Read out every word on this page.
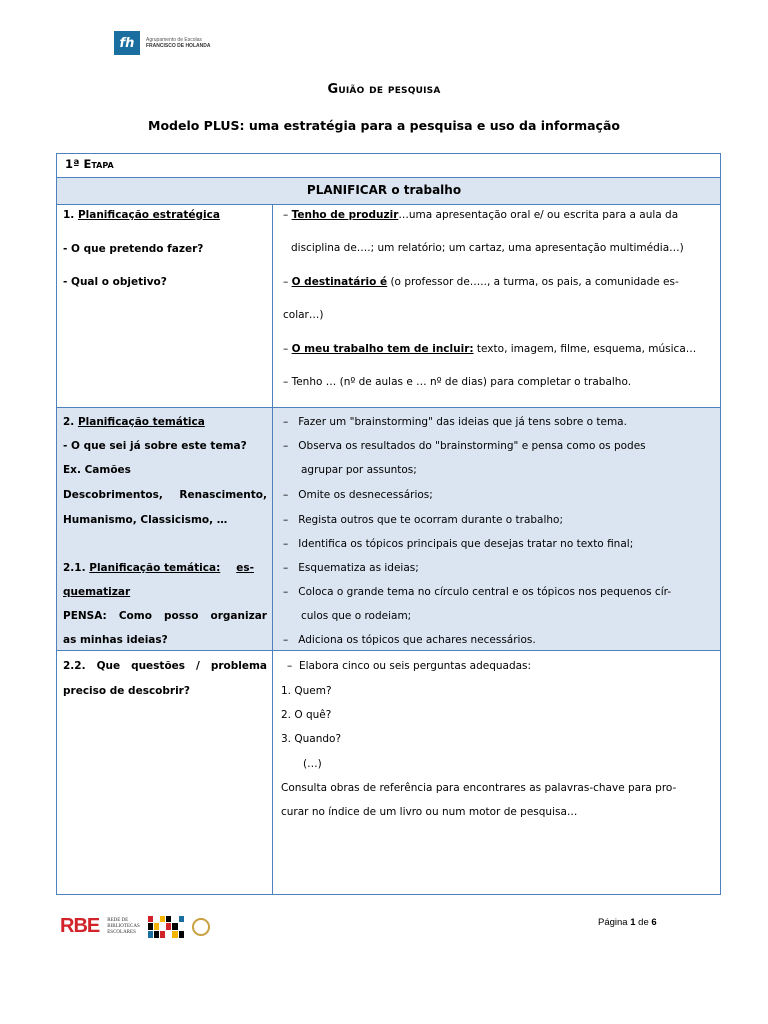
fh	Agrupamento de Escolas
FRANCISCO DE HOLANDA
Guião de pesquisa
Modelo PLUS: uma estratégia para a pesquisa e uso da informação
1ª Etapa
PLANIFICAR o trabalho
1. Planificação estratégica
- O que pretendo fazer?
- Qual o objetivo?
– Tenho de produzir…uma apresentação oral e/ ou escrita para a aula da
disciplina de….; um relatório; um cartaz, uma apresentação multimédia…)
– O destinatário é (o professor de….., a turma, os pais, a comunidade es-
colar…)
– O meu trabalho tem de incluir: texto, imagem, filme, esquema, música…
– Tenho … (nº de aulas e … nº de dias) para completar o trabalho.
2. Planificação temática
- O que sei já sobre este tema?
Ex. Camões
Descobrimentos, Renascimento,
Humanismo, Classicismo, …
2.1. Planificação temática: es-
quematizar
PENSA: Como posso organizar
as minhas ideias?
–   Fazer um "brainstorming" das ideias que já tens sobre o tema.
–   Observa os resultados do "brainstorming" e pensa como os podes
agrupar por assuntos;
–   Omite os desnecessários;
–   Regista outros que te ocorram durante o trabalho;
–   Identifica os tópicos principais que desejas tratar no texto final;
–   Esquematiza as ideias;
–   Coloca o grande tema no círculo central e os tópicos nos pequenos cír-
culos que o rodeiam;
–   Adiciona os tópicos que achares necessários.
2.2. Que questões / problema
preciso de descobrir?
–  Elabora cinco ou seis perguntas adequadas:
1. Quem?
2. O quê?
3. Quando?
(…)
Consulta obras de referência para encontrares as palavras-chave para pro-
curar no índice de um livro ou num motor de pesquisa…
RBE REDE DE
BIBLIOTECAS
ESCOLARES
Página 1 de 6
